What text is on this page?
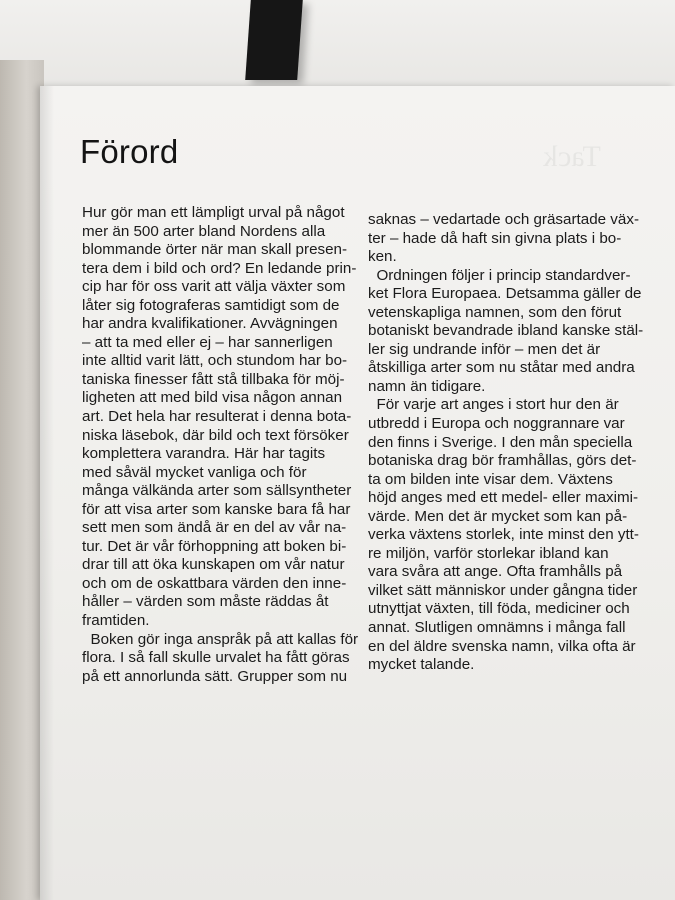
Tack
Förord
Hur gör man ett lämpligt urval på något
mer än 500 arter bland Nordens alla
blommande örter när man skall presen-
tera dem i bild och ord? En ledande prin-
cip har för oss varit att välja växter som
låter sig fotograferas samtidigt som de
har andra kvalifikationer. Avvägningen
– att ta med eller ej – har sannerligen
inte alltid varit lätt, och stundom har bo-
taniska finesser fått stå tillbaka för möj-
ligheten att med bild visa någon annan
art. Det hela har resulterat i denna bota-
niska läsebok, där bild och text försöker
komplettera varandra. Här har tagits
med såväl mycket vanliga och för
många välkända arter som sällsyntheter
för att visa arter som kanske bara få har
sett men som ändå är en del av vår na-
tur. Det är vår förhoppning att boken bi-
drar till att öka kunskapen om vår natur
och om de oskattbara värden den inne-
håller – värden som måste räddas åt
framtiden.
Boken gör inga anspråk på att kallas för
flora. I så fall skulle urvalet ha fått göras
på ett annorlunda sätt. Grupper som nu
saknas – vedartade och gräsartade väx-
ter – hade då haft sin givna plats i bo-
ken.
Ordningen följer i princip standardver-
ket Flora Europaea. Detsamma gäller de
vetenskapliga namnen, som den förut
botaniskt bevandrade ibland kanske stäl-
ler sig undrande inför – men det är
åtskilliga arter som nu ståtar med andra
namn än tidigare.
För varje art anges i stort hur den är
utbredd i Europa och noggrannare var
den finns i Sverige. I den mån speciella
botaniska drag bör framhållas, görs det-
ta om bilden inte visar dem. Växtens
höjd anges med ett medel- eller maximi-
värde. Men det är mycket som kan på-
verka växtens storlek, inte minst den ytt-
re miljön, varför storlekar ibland kan
vara svåra att ange. Ofta framhålls på
vilket sätt människor under gångna tider
utnyttjat växten, till föda, mediciner och
annat. Slutligen omnämns i många fall
en del äldre svenska namn, vilka ofta är
mycket talande.
